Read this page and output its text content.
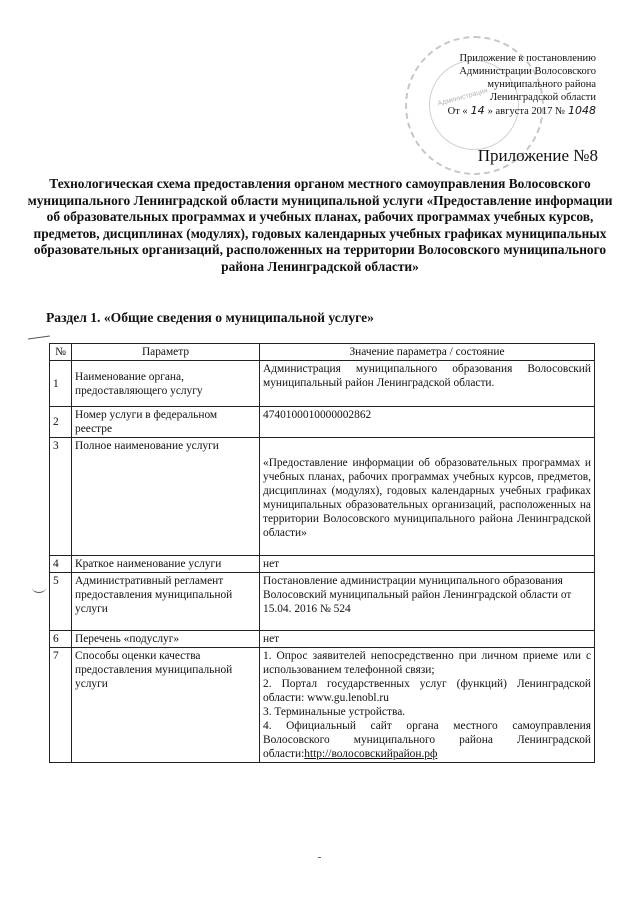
Администрация
Приложение к постановлению
Администрации Волосовского
муниципального района
Ленинградской области
От « 14 » августа 2017 № 1048
Приложение №8
Технологическая схема предоставления органом местного самоуправления Волосовского муниципального Ленинградской области муниципальной услуги «Предоставление информации об образовательных программах и учебных планах, рабочих программах учебных курсов, предметов, дисциплинах (модулях), годовых календарных учебных графиках муниципальных образовательных организаций, расположенных на территории Волосовского муниципального района Ленинградской области»
Раздел 1. «Общие сведения о муниципальной услуге»
№	Параметр	Значение параметра / состояние
1	Наименование органа, предоставляющего услугу	Администрация муниципального образования Волосовский муниципальный район Ленинградской области.
2	Номер услуги в федеральном реестре	4740100010000002862
3	Полное наименование услуги	«Предоставление информации об образовательных программах и учебных планах, рабочих программах учебных курсов, предметов, дисциплинах (модулях), годовых календарных учебных графиках муниципальных образовательных организаций, расположенных на территории Волосовского муниципального района Ленинградской области»
4	Краткое наименование услуги	нет
5	Административный регламент предоставления муниципальной услуги	Постановление администрации муниципального образования Волосовский муниципальный район Ленинградской области от 15.04. 2016 № 524
6	Перечень «подуслуг»	нет
7	Способы оценки качества предоставления муниципальной услуги	1. Опрос заявителей непосредственно при личном приеме или с использованием телефонной связи;
2. Портал государственных услуг (функций) Ленинградской области: www.gu.lenobl.ru
3. Терминальные устройства.
4. Официальный сайт органа местного самоуправления Волосовского муниципального района Ленинградской области:http://волосовскийрайон.рф
